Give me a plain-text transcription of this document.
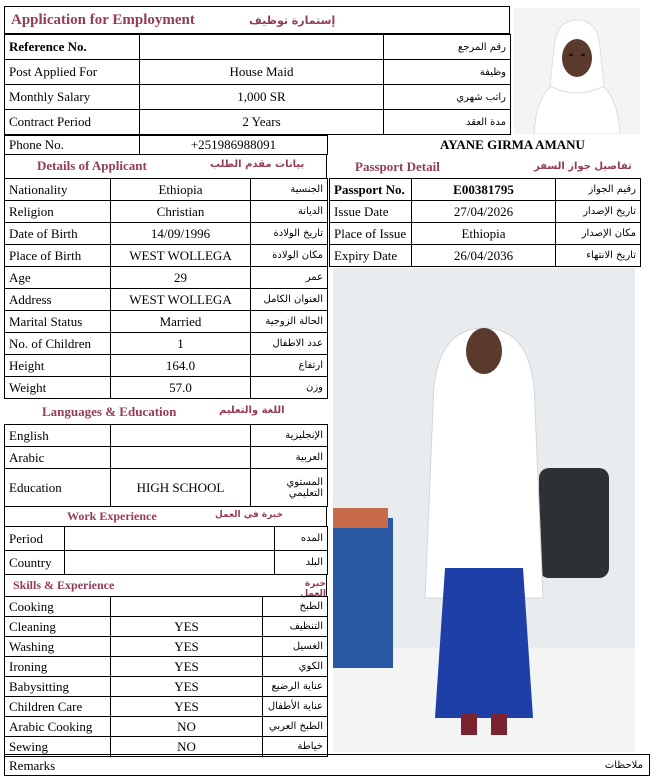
Application for Employment	إستمارة توظيف
Reference No.		رقم المرجع
Post Applied For	House Maid	وظيفة
Monthly Salary	1,000 SR	راتب شهري
Contract Period	2 Years	مدة العقد
Phone No.	+251986988091	AYANE GIRMA AMANU
Details of Applicant	بيانات مقدم الطلب
Nationality	Ethiopia	الجنسية
Religion	Christian	الديانة
Date of Birth	14/09/1996	تاريخ الولادة
Place of Birth	WEST WOLLEGA	مكان الولادة
Age	29	عمر
Address	WEST WOLLEGA	العنوان الكامل
Marital Status	Married	الحالة الزوجية
No. of Children	1	عدد الاطفال
Height	164.0	ارتفاع
Weight	57.0	وزن
Passport Detail	تفاصيل جواز السفر
Passport No.	E00381795	رقيم الجواز
Issue Date	27/04/2026	تاريخ الإصدار
Place of Issue	Ethiopia	مكان الإصدار
Expiry Date	26/04/2036	تاريخ الانتهاء
Languages & Education	اللغة والتعليم
English		الإنجليزية
Arabic		العربية
Education	HIGH SCHOOL	المستوي التعليمي
Work Experience	خبرة في العمل
Period		المده
Country		البلد
Skills & Experience	خبرة العمل
Cooking		الطبخ
Cleaning	YES	التنظيف
Washing	YES	الغسيل
Ironing	YES	الكوي
Babysitting	YES	عناية الرضيع
Children Care	YES	عناية الأطفال
Arabic Cooking	NO	الطبخ العربي
Sewing	NO	خياطة
Remarks	ملاحظات
